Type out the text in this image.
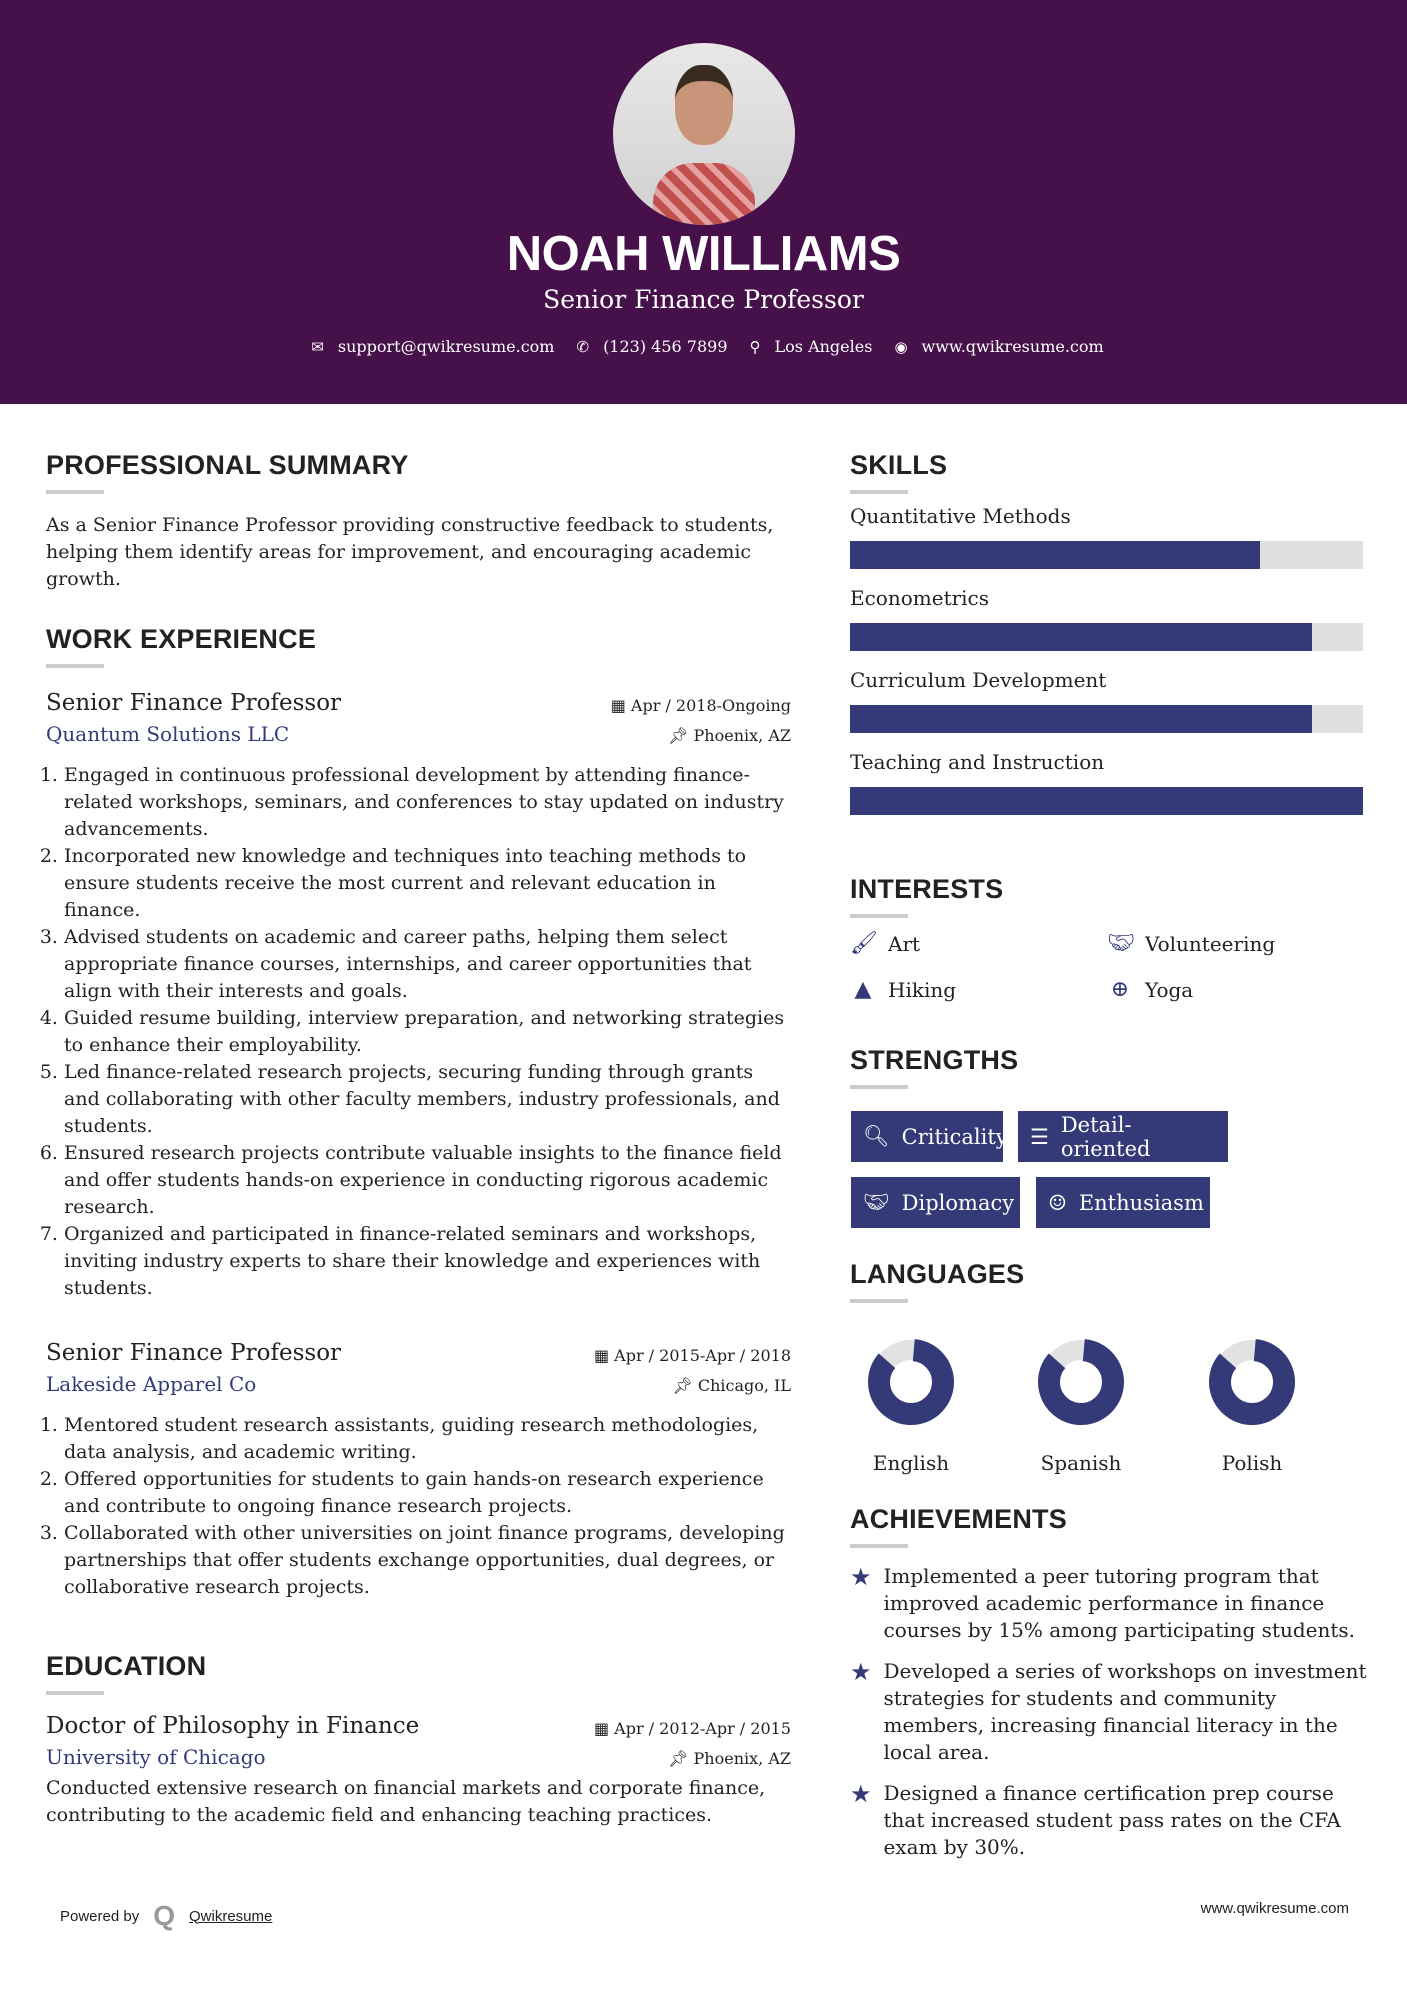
NOAH WILLIAMS
Senior Finance Professor
✉ support@qwikresume.com ✆ (123) 456 7899 ⚲ Los Angeles ◉ www.qwikresume.com
PROFESSIONAL SUMMARY

As a Senior Finance Professor providing constructive feedback to students, helping them identify areas for improvement, and encouraging academic growth.

WORK EXPERIENCE
Senior Finance Professor	▦ Apr / 2018-Ongoing
Quantum Solutions LLC	📌︎ Phoenix, AZ
1. Engaged in continuous professional development by attending finance-related workshops, seminars, and conferences to stay updated on industry advancements.
2. Incorporated new knowledge and techniques into teaching methods to ensure students receive the most current and relevant education in finance.
3. Advised students on academic and career paths, helping them select appropriate finance courses, internships, and career opportunities that align with their interests and goals.
4. Guided resume building, interview preparation, and networking strategies to enhance their employability.
5. Led finance-related research projects, securing funding through grants and collaborating with other faculty members, industry professionals, and students.
6. Ensured research projects contribute valuable insights to the finance field and offer students hands-on experience in conducting rigorous academic research.
7. Organized and participated in finance-related seminars and workshops, inviting industry experts to share their knowledge and experiences with students.
Senior Finance Professor	▦ Apr / 2015-Apr / 2018
Lakeside Apparel Co	📌︎ Chicago, IL
1. Mentored student research assistants, guiding research methodologies, data analysis, and academic writing.
2. Offered opportunities for students to gain hands-on research experience and contribute to ongoing finance research projects.
3. Collaborated with other universities on joint finance programs, developing partnerships that offer students exchange opportunities, dual degrees, or collaborative research projects.
EDUCATION
Doctor of Philosophy in Finance	▦ Apr / 2012-Apr / 2015
University of Chicago	📌︎ Phoenix, AZ

Conducted extensive research on financial markets and corporate finance, contributing to the academic field and enhancing teaching practices.

SKILLS
Quantitative Methods
Econometrics
Curriculum Development
Teaching and Instruction
INTERESTS
🖌︎ Art	🤝︎ Volunteering
▲ Hiking	⊕ Yoga
STRENGTHS
🔍︎ Criticality ☰ Detail-oriented
🤝︎ Diplomacy ☺ Enthusiasm
LANGUAGES
English	Spanish	Polish
ACHIEVEMENTS
★ Implemented a peer tutoring program that improved academic performance in finance courses by 15% among participating students.

★ Developed a series of workshops on investment strategies for students and community members, increasing financial literacy in the local area.

★ Designed a finance certification prep course that increased student pass rates on the CFA exam by 30%.

Powered by Q Qwikresume	www.qwikresume.com
